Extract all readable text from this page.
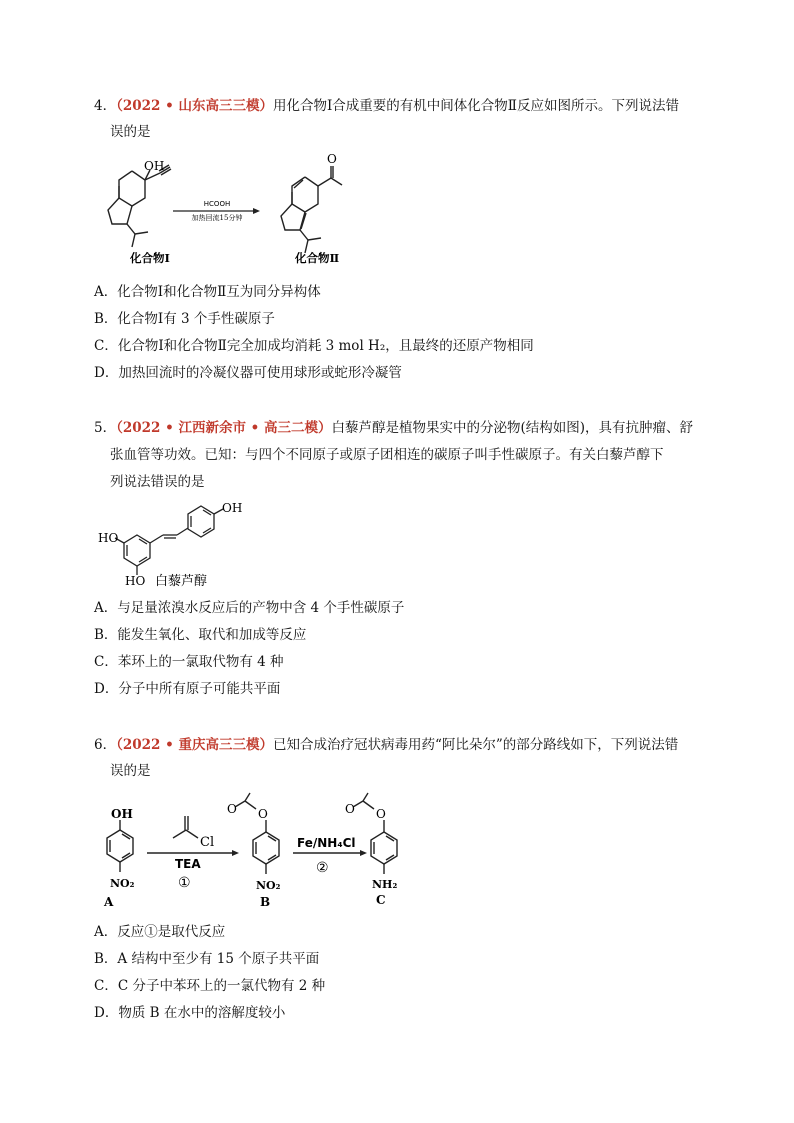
4．（2022 • 山东高三三模）用化合物Ⅰ合成重要的有机中间体化合物Ⅱ反应如图所示。下列说法错
误的是
OH
化合物Ⅰ
HCOOH
加热回流15分钟
O
化合物Ⅱ
A．化合物Ⅰ和化合物Ⅱ互为同分异构体
B．化合物Ⅰ有 3 个手性碳原子
C．化合物Ⅰ和化合物Ⅱ完全加成均消耗 3 mol H₂，且最终的还原产物相同
D．加热回流时的冷凝仪器可使用球形或蛇形冷凝管
5．（2022 • 江西新余市 • 高三二模）白藜芦醇是植物果实中的分泌物(结构如图)，具有抗肿瘤、舒
张血管等功效。已知：与四个不同原子或原子团相连的碳原子叫手性碳原子。有关白藜芦醇下
列说法错误的是
OH
HO
HO 白藜芦醇
A．与足量浓溴水反应后的产物中含 4 个手性碳原子
B．能发生氧化、取代和加成等反应
C．苯环上的一氯取代物有 4 种
D．分子中所有原子可能共平面
6．（2022 • 重庆高三三模）已知合成治疗冠状病毒用药“阿比朵尔”的部分路线如下，下列说法错
误的是
OH
NO₂
A
Cl
TEA
①
O O
NO₂
B
Fe/NH₄Cl
②
O O
NH₂
C
A．反应①是取代反应
B．A 结构中至少有 15 个原子共平面
C．C 分子中苯环上的一氯代物有 2 种
D．物质 B 在水中的溶解度较小
